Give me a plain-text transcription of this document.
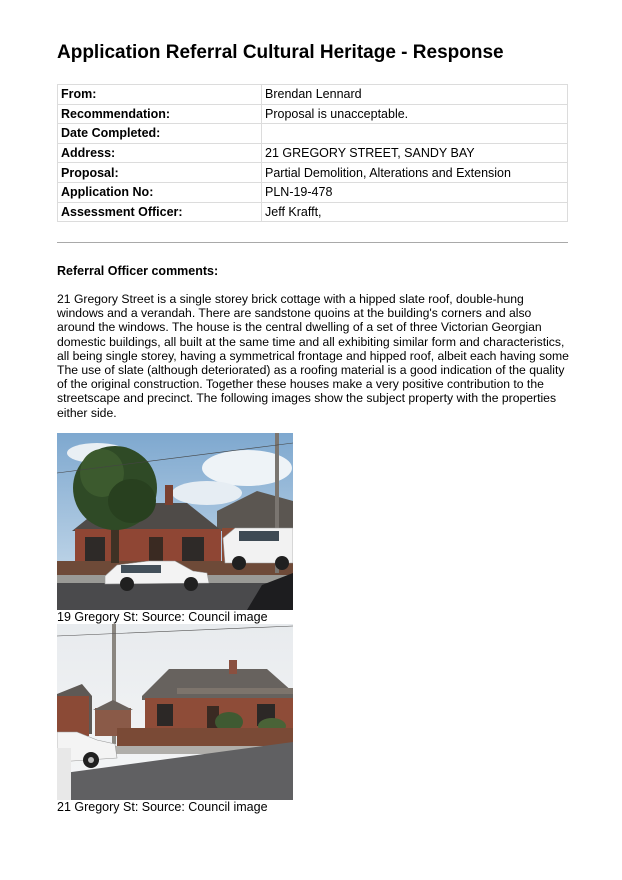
Application Referral Cultural Heritage - Response
From:	Brendan Lennard
Recommendation:	Proposal is unacceptable.
Date Completed:	
Address:	21 GREGORY STREET, SANDY BAY
Proposal:	Partial Demolition, Alterations and Extension
Application No:	PLN-19-478
Assessment Officer:	Jeff Krafft,
Referral Officer comments:

21 Gregory Street is a single storey brick cottage with a hipped slate roof, double-hung windows and a verandah. There are sandstone quoins at the building's corners and also around the windows. The house is the central dwelling of a set of three Victorian Georgian domestic buildings, all built at the same time and all exhibiting similar form and characteristics, all being single storey, having a symmetrical frontage and hipped roof, albeit each having some The use of slate (although deteriorated) as a roofing material is a good indication of the quality of the original construction. Together these houses make a very positive contribution to the streetscape and precinct. The following images show the subject property with the properties either side.

19 Gregory St: Source: Council image

21 Gregory St: Source: Council image
